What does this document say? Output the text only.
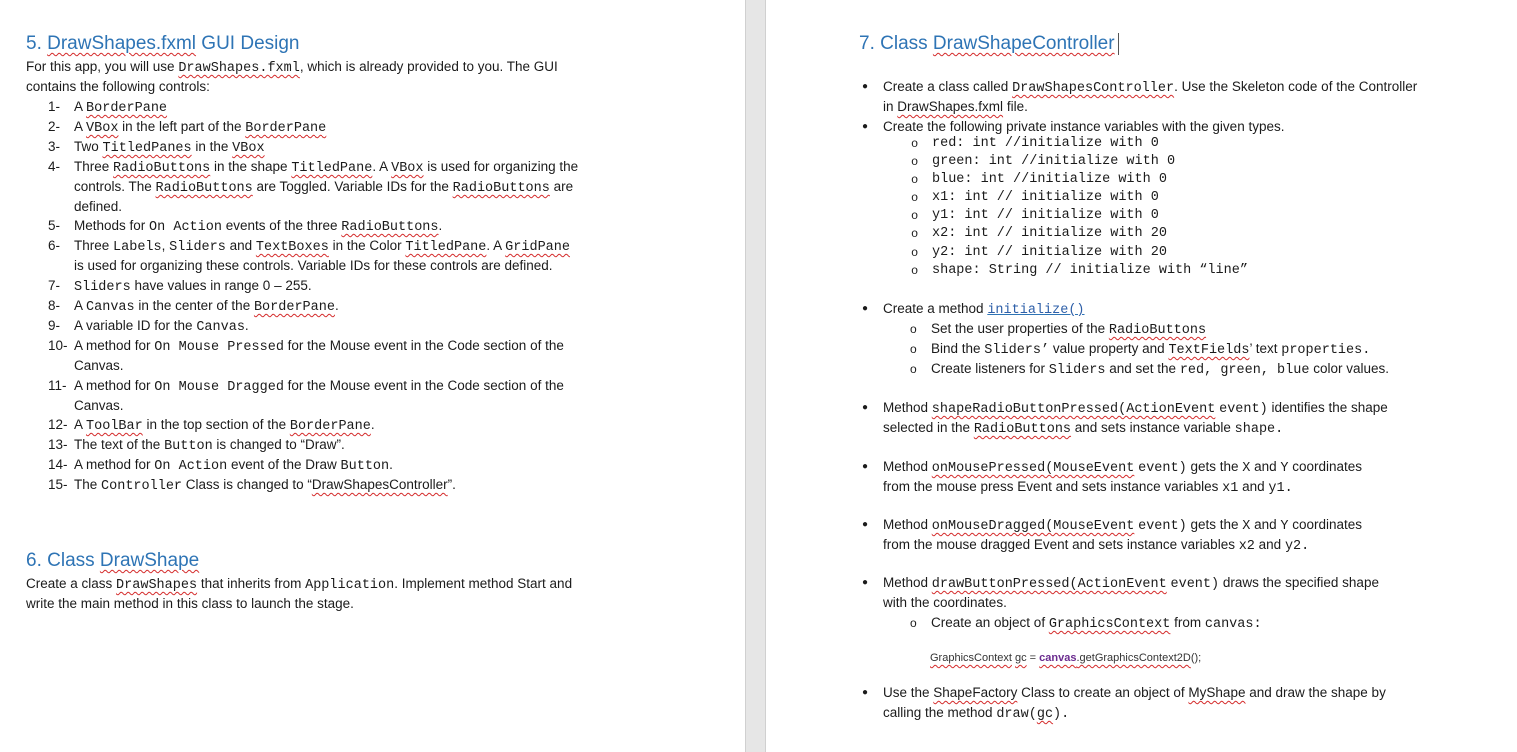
5. DrawShapes.fxml GUI Design
For this app, you will use DrawShapes.fxml, which is already provided to you. The GUI
contains the following controls:
1- A BorderPane
2- A VBox in the left part of the BorderPane
3- Two TitledPanes in the VBox
4- Three RadioButtons in the shape TitledPane. A VBox is used for organizing the
controls. The RadioButtons are Toggled. Variable IDs for the RadioButtons are
defined.
5- Methods for On Action events of the three RadioButtons.
6- Three Labels, Sliders and TextBoxes in the Color TitledPane. A GridPane
is used for organizing these controls. Variable IDs for these controls are defined.
7- Sliders have values in range 0 – 255.
8- A Canvas in the center of the BorderPane.
9- A variable ID for the Canvas.
10- A method for On Mouse Pressed for the Mouse event in the Code section of the
Canvas.
11- A method for On Mouse Dragged for the Mouse event in the Code section of the
Canvas.
12- A ToolBar in the top section of the BorderPane.
13- The text of the Button is changed to “Draw”.
14- A method for On Action event of the Draw Button.
15- The Controller Class is changed to “DrawShapesController”.
6. Class DrawShape
Create a class DrawShapes that inherits from Application. Implement method Start and
write the main method in this class to launch the stage.
7. Class DrawShapeController
● Create a class called DrawShapesController. Use the Skeleton code of the Controller
in DrawShapes.fxml file.
● Create the following private instance variables with the given types.
o red: int //initialize with 0
o green: int //initialize with 0
o blue: int //initialize with 0
o x1: int // initialize with 0
o y1: int // initialize with 0
o x2: int // initialize with 20
o y2: int // initialize with 20
o shape: String // initialize with “line”
● Create a method initialize()
o Set the user properties of the RadioButtons
o Bind the Sliders’ value property and TextFields’ text properties.
o Create listeners for Sliders and set the red, green, blue color values.
● Method shapeRadioButtonPressed(ActionEvent event) identifies the shape
selected in the RadioButtons and sets instance variable shape.
● Method onMousePressed(MouseEvent event) gets the X and Y coordinates
from the mouse press Event and sets instance variables x1 and y1.
● Method onMouseDragged(MouseEvent event) gets the X and Y coordinates
from the mouse dragged Event and sets instance variables x2 and y2.
● Method drawButtonPressed(ActionEvent event) draws the specified shape
with the coordinates.
o Create an object of GraphicsContext from canvas:
GraphicsContext gc = canvas.getGraphicsContext2D();
● Use the ShapeFactory Class to create an object of MyShape and draw the shape by
calling the method draw(gc).
